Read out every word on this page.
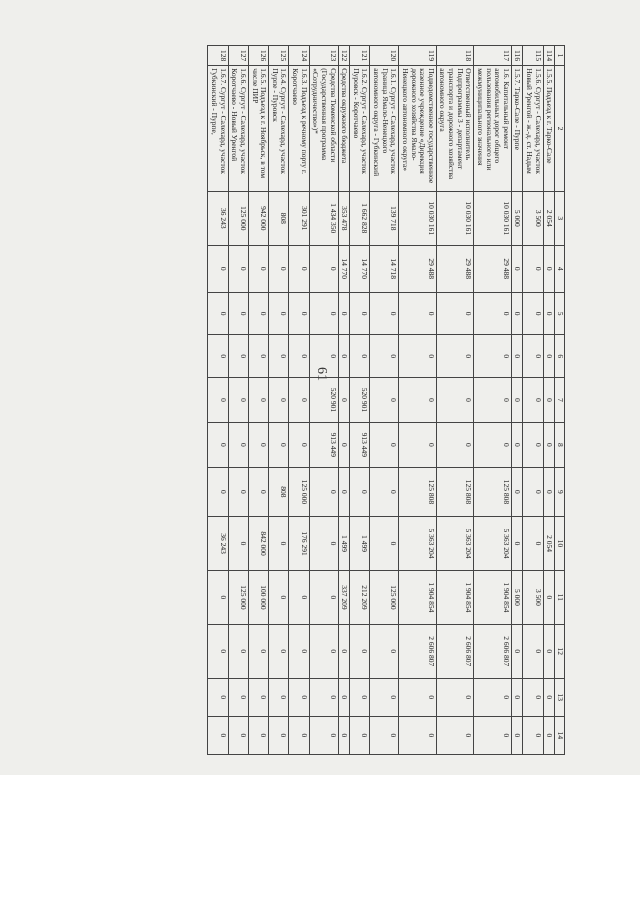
61
1	2	3	4	5	6	7	8	9	10	11	12	13	14
114	1.5.5. Подъезд к г. Тарко-Сале	2 054	0	0	0	0	0	0	2 054	0	0	0	0
115	1.5.6. Сургут - Салехард, участок Новый Уренгой - ж.-д. ст. Надым	3 500	0	0	0	0	0	0	0	3 500	0	0	0
116	1.5.7. Тарко-Сале - Пурпе	5 000	0	0	0	0	0	0	0	5 000	0	0	0
117	1.6. Капитальный ремонт автомобильных дорог общего пользования регионального или межмуниципального значения	10 030 161	29 488	0	0	0	0	125 808	5 363 204	1 904 854	2 606 807	0	0
118	Ответственный исполнитель Подпрограммы 3 - департамент транспорта и дорожного хозяйства автономного округа	10 030 161	29 488	0	0	0	0	125 808	5 363 204	1 904 854	2 606 807	0	0
119	Подведомственное государственное казенное учреждение «Дирекция дорожного хозяйства Ямало-Ненецкого автономного округа»	10 030 161	29 488	0	0	0	0	125 808	5 363 204	1 904 854	2 606 807	0	0
120	1.6.1. Сургут - Салехард, участок Граница Ямало-Ненецкого автономного округа - Губкинский	139 718	14 718	0	0	0	0	0	0	125 000	0	0	0
121	1.6.2. Сургут - Салехард, участок Пуровск - Коротчаево	1 662 828	14 770	0	0	520 901	913 449	0	1 499	212 209	0	0	0
122	Средства окружного бюджета	353 478	14 770	0	0	0	0	0	1 499	337 209	0	0	0
123	Средства Тюменской области (Государственная программа «Сотрудничество»)*	1 434 350	0	0	0	520 901	913 449	0	0	0	0	0	0
124	1.6.3. Подъезд к речному порту г. Коротчаево	301 291	0	0	0	0	0	125 000	176 291	0	0	0	0
125	1.6.4. Сургут - Салехард, участок Пурпе - Пуровск	808	0	0	0	0	0	808	0	0	0	0	0
126	1.6.5. Подъезд к г. Ноябрьск, в том числе ПИР	942 000	0	0	0	0	0	0	842 000	100 000	0	0	0
127	1.6.6. Сургут - Салехард, участок Коротчаево - Новый Уренгой	125 000	0	0	0	0	0	0	0	125 000	0	0	0
128	1.6.7. Сургут - Салехард, участок Губкинский - Пурпе,	36 243	0	0	0	0	0	0	36 243	0	0	0	0
